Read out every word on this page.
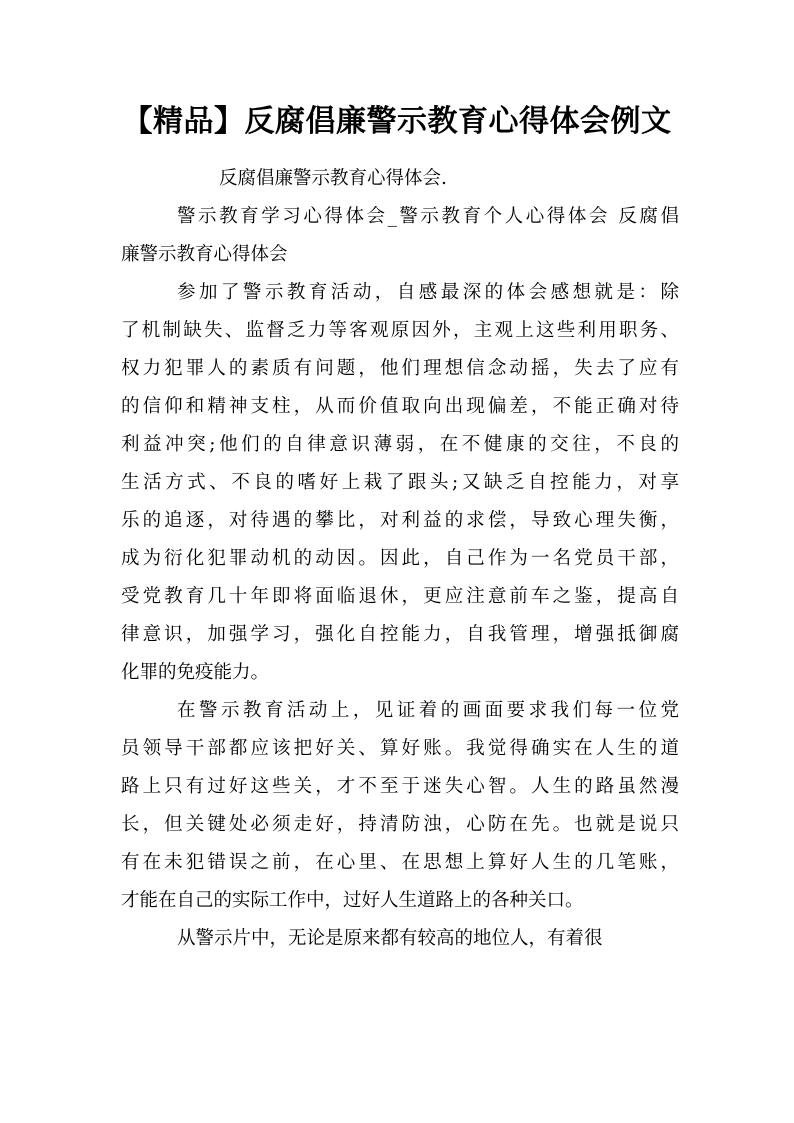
【精品】反腐倡廉警示教育心得体会例文
反腐倡廉警示教育心得体会.
警示教育学习心得体会_警示教育个人心得体会 反腐倡
廉警示教育心得体会
参加了警示教育活动，自感最深的体会感想就是：除
了机制缺失、监督乏力等客观原因外，主观上这些利用职务、
权力犯罪人的素质有问题，他们理想信念动摇，失去了应有
的信仰和精神支柱，从而价值取向出现偏差，不能正确对待
利益冲突;他们的自律意识薄弱，在不健康的交往，不良的
生活方式、不良的嗜好上栽了跟头;又缺乏自控能力，对享
乐的追逐，对待遇的攀比，对利益的求偿，导致心理失衡，
成为衍化犯罪动机的动因。因此，自己作为一名党员干部，
受党教育几十年即将面临退休，更应注意前车之鉴，提高自
律意识，加强学习，强化自控能力，自我管理，增强抵御腐
化罪的免疫能力。
在警示教育活动上，见证着的画面要求我们每一位党
员领导干部都应该把好关、算好账。我觉得确实在人生的道
路上只有过好这些关，才不至于迷失心智。人生的路虽然漫
长，但关键处必须走好，持清防浊，心防在先。也就是说只
有在未犯错误之前，在心里、在思想上算好人生的几笔账，
才能在自己的实际工作中，过好人生道路上的各种关口。
从警示片中，无论是原来都有较高的地位人，有着很
